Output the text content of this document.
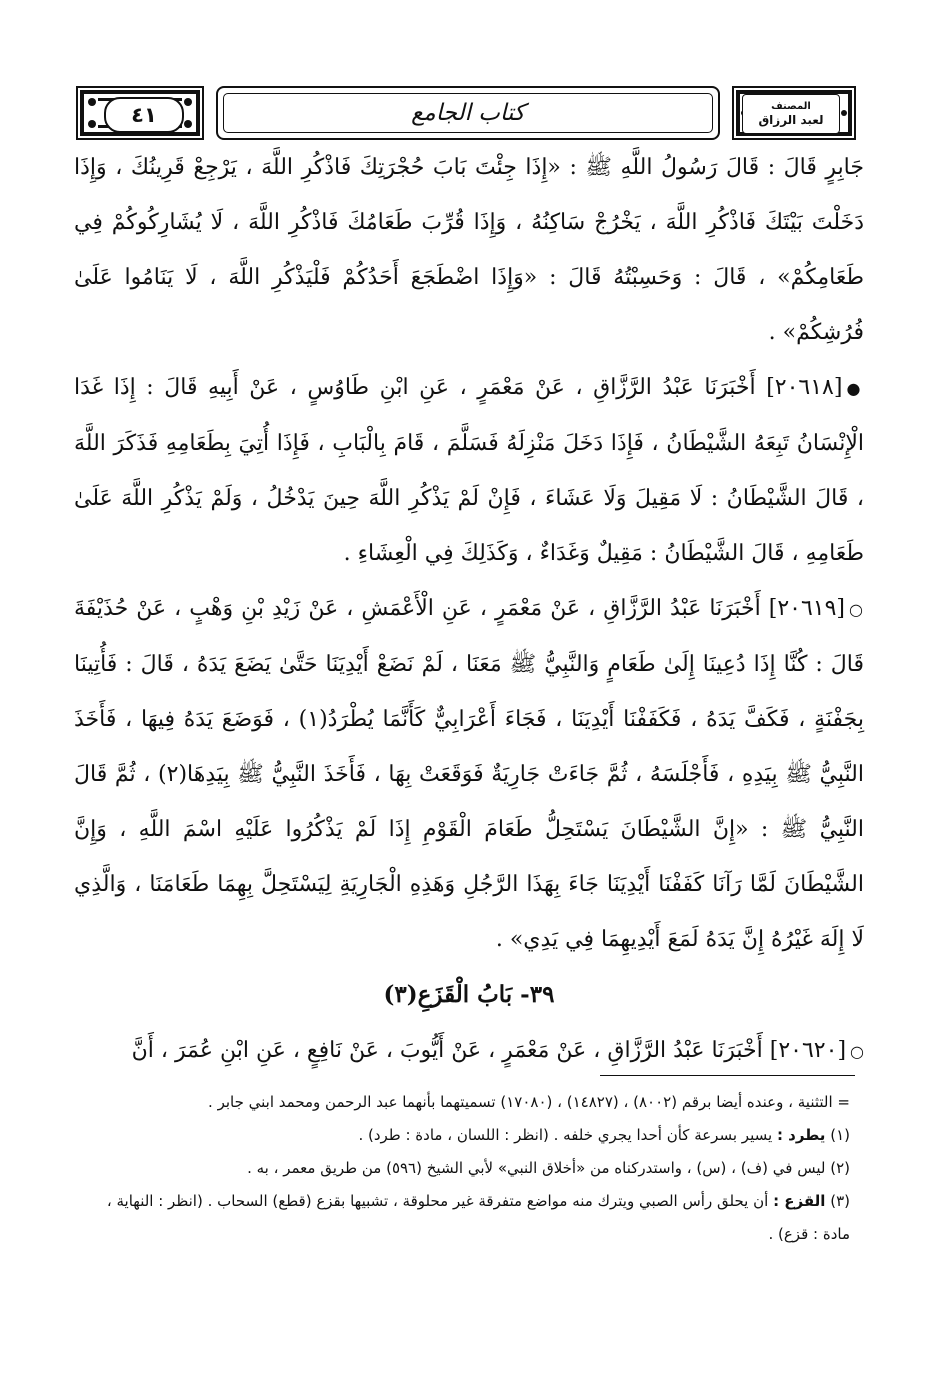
٤١	كتاب الجامع	المصنف
لعبد الرزاق

جَابِرٍ قَالَ : قَالَ رَسُولُ اللَّهِ ﷺ : «إِذَا جِئْتَ بَابَ حُجْرَتِكَ فَاذْكُرِ اللَّهَ ، يَرْجِعْ قَرِينُكَ ، وَإِذَا دَخَلْتَ بَيْتَكَ فَاذْكُرِ اللَّهَ ، يَخْرُجْ سَاكِنُهُ ، وَإِذَا قُرِّبَ طَعَامُكَ فَاذْكُرِ اللَّهَ ، لَا يُشَارِكُوكُمْ فِي طَعَامِكُمْ» ، قَالَ : وَحَسِبْتُهُ قَالَ : «وَإِذَا اضْطَجَعَ أَحَدُكُمْ فَلْيَذْكُرِ اللَّهَ ، لَا يَنَامُوا عَلَىٰ فُرُشِكُمْ» .

●[٢٠٦١٨] أَخْبَرَنَا عَبْدُ الرَّزَّاقِ ، عَنْ مَعْمَرٍ ، عَنِ ابْنِ طَاوُسٍ ، عَنْ أَبِيهِ قَالَ : إِذَا غَدَا الْإِنْسَانُ تَبِعَهُ الشَّيْطَانُ ، فَإِذَا دَخَلَ مَنْزِلَهُ فَسَلَّمَ ، قَامَ بِالْبَابِ ، فَإِذَا أُتِيَ بِطَعَامِهِ فَذَكَرَ اللَّهَ ، قَالَ الشَّيْطَانُ : لَا مَقِيلَ وَلَا عَشَاءَ ، فَإِنْ لَمْ يَذْكُرِ اللَّهَ حِينَ يَدْخُلُ ، وَلَمْ يَذْكُرِ اللَّهَ عَلَىٰ طَعَامِهِ ، قَالَ الشَّيْطَانُ : مَقِيلٌ وَغَدَاءٌ ، وَكَذَلِكَ فِي الْعِشَاءِ .

○[٢٠٦١٩] أَخْبَرَنَا عَبْدُ الرَّزَّاقِ ، عَنْ مَعْمَرٍ ، عَنِ الْأَعْمَشِ ، عَنْ زَيْدِ بْنِ وَهْبٍ ، عَنْ حُذَيْفَةَ قَالَ : كُنَّا إِذَا دُعِينَا إِلَىٰ طَعَامٍ وَالنَّبِيُّ ﷺ مَعَنَا ، لَمْ نَضَعْ أَيْدِيَنَا حَتَّىٰ يَضَعَ يَدَهُ ، قَالَ : فَأُتِينَا بِجَفْنَةٍ ، فَكَفَّ يَدَهُ ، فَكَفَفْنَا أَيْدِيَنَا ، فَجَاءَ أَعْرَابِيٌّ كَأَنَّمَا يُطْرَدُ(١) ، فَوَضَعَ يَدَهُ فِيهَا ، فَأَخَذَ النَّبِيُّ ﷺ بِيَدِهِ ، فَأَجْلَسَهُ ، ثُمَّ جَاءَتْ جَارِيَةٌ فَوَقَعَتْ بِهَا ، فَأَخَذَ النَّبِيُّ ﷺ بِيَدِهَا(٢) ، ثُمَّ قَالَ النَّبِيُّ ﷺ : «إِنَّ الشَّيْطَانَ يَسْتَحِلُّ طَعَامَ الْقَوْمِ إِذَا لَمْ يَذْكُرُوا عَلَيْهِ اسْمَ اللَّهِ ، وَإِنَّ الشَّيْطَانَ لَمَّا رَآنَا كَفَفْنَا أَيْدِيَنَا جَاءَ بِهَذَا الرَّجُلِ وَهَذِهِ الْجَارِيَةِ لِيَسْتَحِلَّ بِهِمَا طَعَامَنَا ، وَالَّذِي لَا إِلَهَ غَيْرُهُ إِنَّ يَدَهُ لَمَعَ أَيْدِيهِمَا فِي يَدِي» .

٣٩- بَابُ الْقَزَعِ(٣)

○[٢٠٦٢٠] أَخْبَرَنَا عَبْدُ الرَّزَّاقِ ، عَنْ مَعْمَرٍ ، عَنْ أَيُّوبَ ، عَنْ نَافِعٍ ، عَنِ ابْنِ عُمَرَ ، أَنَّ

= التثنية ، وعنده أيضا برقم (٨٠٠٢) ، (١٤٨٢٧) ، (١٧٠٨٠) تسميتهما بأنهما عبد الرحمن ومحمد ابني جابر .

(١) يطرد : يسير بسرعة كأن أحدا يجري خلفه . (انظر : اللسان ، مادة : طرد) .

(٢) ليس في (ف) ، (س) ، واستدركناه من «أخلاق النبي» لأبي الشيخ (٥٩٦) من طريق معمر ، به .

(٣) القزع : أن يحلق رأس الصبي ويترك منه مواضع متفرقة غير محلوقة ، تشبيها بقزع (قطع) السحاب . (انظر : النهاية ، مادة : قزع) .
